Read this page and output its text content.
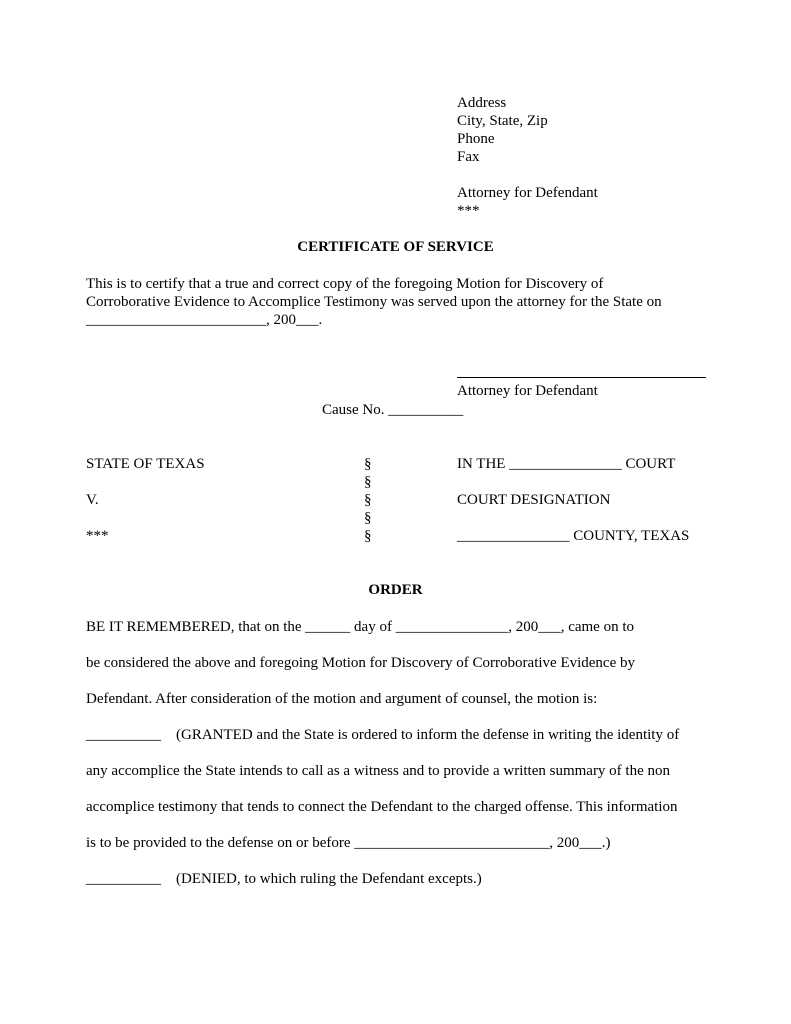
Address
City, State, Zip
Phone
Fax
Attorney for Defendant
***
CERTIFICATE OF SERVICE
This is to certify that a true and correct copy of the foregoing Motion for Discovery of
Corroborative Evidence to Accomplice Testimony was served upon the attorney for the State on
________________________, 200___.
Attorney for Defendant
Cause No. __________
STATE OF TEXAS
V.
***
§
§
§
§
§
IN THE _______________ COURT
COURT DESIGNATION
_______________ COUNTY, TEXAS
ORDER
BE IT REMEMBERED, that on the ______ day of _______________, 200___, came on to
be considered the above and foregoing Motion for Discovery of Corroborative Evidence by
Defendant. After consideration of the motion and argument of counsel, the motion is:
__________    (GRANTED and the State is ordered to inform the defense in writing the identity of
any accomplice the State intends to call as a witness and to provide a written summary of the non
accomplice testimony that tends to connect the Defendant to the charged offense. This information
is to be provided to the defense on or before __________________________, 200___.)
__________    (DENIED, to which ruling the Defendant excepts.)
